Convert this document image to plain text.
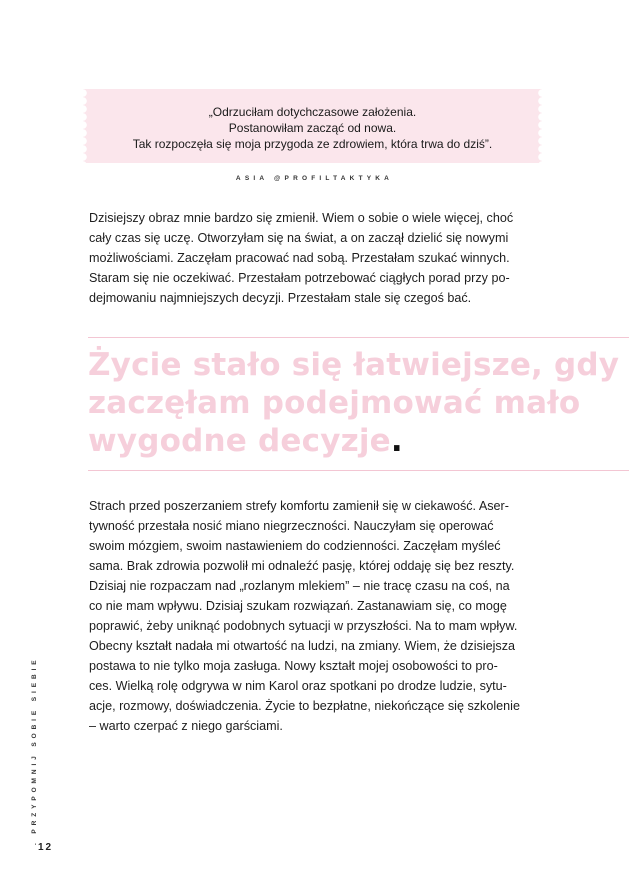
„Odrzuciłam dotychczasowe założenia.
Postanowiłam zacząć od nowa.
Tak rozpoczęła się moja przygoda ze zdrowiem, która trwa do dziś”.
ASIA @PROFILTAKTYKA
Dzisiejszy obraz mnie bardzo się zmienił. Wiem o sobie o wiele więcej, choć
cały czas się uczę. Otworzyłam się na świat, a on zaczął dzielić się nowymi
możliwościami. Zaczęłam pracować nad sobą. Przestałam szukać winnych.
Staram się nie oczekiwać. Przestałam potrzebować ciągłych porad przy po-
dejmowaniu najmniejszych decyzji. Przestałam stale się czegoś bać.
Życie stało się łatwiejsze, gdy
zaczęłam podejmować mało
wygodne decyzje.
Strach przed poszerzaniem strefy komfortu zamienił się w ciekawość. Aser-
tywność przestała nosić miano niegrzeczności. Nauczyłam się operować
swoim mózgiem, swoim nastawieniem do codzienności. Zaczęłam myśleć
sama. Brak zdrowia pozwolił mi odnaleźć pasję, której oddaję się bez reszty.
Dzisiaj nie rozpaczam nad „rozlanym mlekiem” – nie tracę czasu na coś, na
co nie mam wpływu. Dzisiaj szukam rozwiązań. Zastanawiam się, co mogę
poprawić, żeby uniknąć podobnych sytuacji w przyszłości. Na to mam wpływ.
Obecny kształt nadała mi otwartość na ludzi, na zmiany. Wiem, że dzisiejsza
postawa to nie tylko moja zasługa. Nowy kształt mojej osobowości to pro-
ces. Wielką rolę odgrywa w nim Karol oraz spotkani po drodze ludzie, sytu-
acje, rozmowy, doświadczenia. Życie to bezpłatne, niekończące się szkolenie
– warto czerpać z niego garściami.
. PRZYPOMNIJ SOBIE SIEBIE
12
